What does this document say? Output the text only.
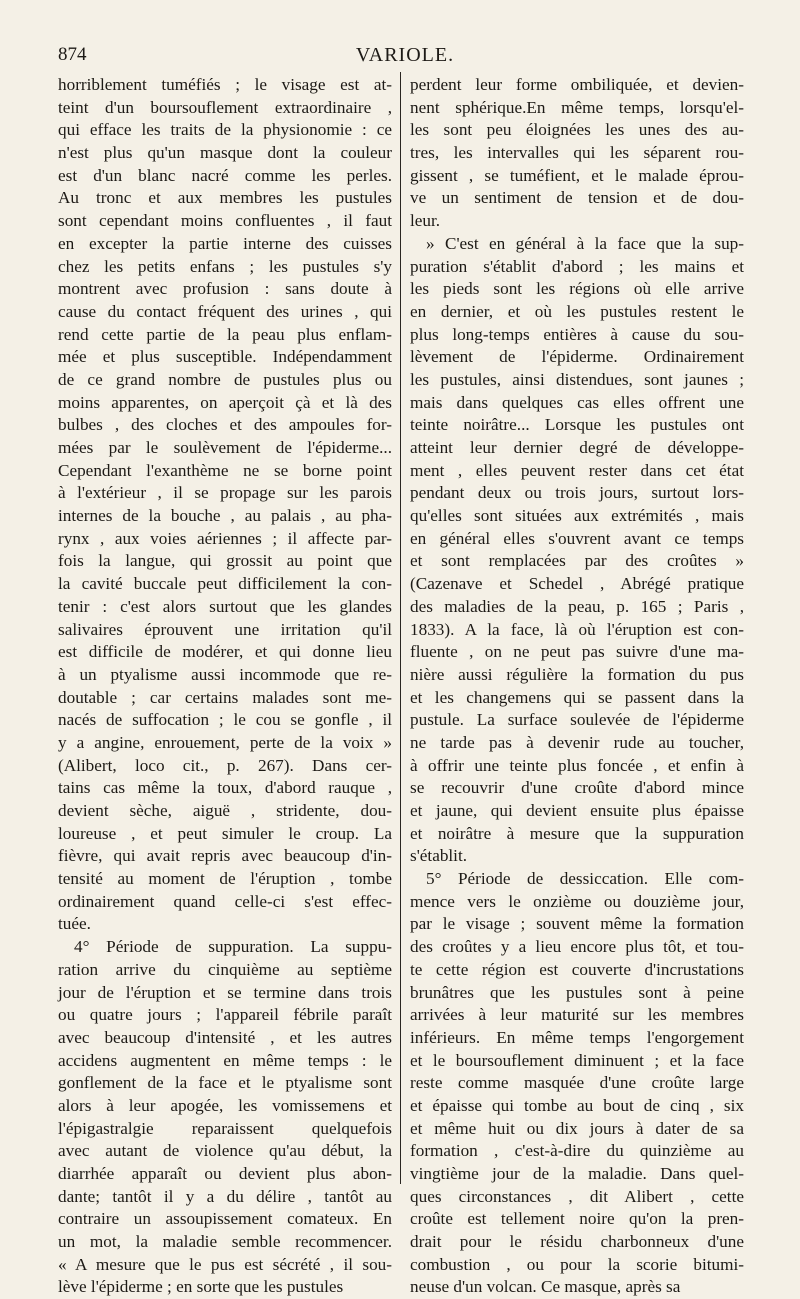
874	VARIOLE.
horriblement tuméfiés ; le visage est at-
teint d'un boursouflement extraordinaire ,
qui efface les traits de la physionomie : ce
n'est plus qu'un masque dont la couleur
est d'un blanc nacré comme les perles.
Au tronc et aux membres les pustules
sont cependant moins confluentes , il faut
en excepter la partie interne des cuisses
chez les petits enfans ; les pustules s'y
montrent avec profusion : sans doute à
cause du contact fréquent des urines , qui
rend cette partie de la peau plus enflam-
mée et plus susceptible. Indépendamment
de ce grand nombre de pustules plus ou
moins apparentes, on aperçoit çà et là des
bulbes , des cloches et des ampoules for-
mées par le soulèvement de l'épiderme...
Cependant l'exanthème ne se borne point
à l'extérieur , il se propage sur les parois
internes de la bouche , au palais , au pha-
rynx , aux voies aériennes ; il affecte par-
fois la langue, qui grossit au point que
la cavité buccale peut difficilement la con-
tenir : c'est alors surtout que les glandes
salivaires éprouvent une irritation qu'il
est difficile de modérer, et qui donne lieu
à un ptyalisme aussi incommode que re-
doutable ; car certains malades sont me-
nacés de suffocation ; le cou se gonfle , il
y a angine, enrouement, perte de la voix »
(Alibert, loco cit., p. 267). Dans cer-
tains cas même la toux, d'abord rauque ,
devient sèche, aiguë , stridente, dou-
loureuse , et peut simuler le croup. La
fièvre, qui avait repris avec beaucoup d'in-
tensité au moment de l'éruption , tombe
ordinairement quand celle-ci s'est effec-
tuée.
4° Période de suppuration. La suppu-
ration arrive du cinquième au septième
jour de l'éruption et se termine dans trois
ou quatre jours ; l'appareil fébrile paraît
avec beaucoup d'intensité , et les autres
accidens augmentent en même temps : le
gonflement de la face et le ptyalisme sont
alors à leur apogée, les vomissemens et
l'épigastralgie reparaissent quelquefois
avec autant de violence qu'au début, la
diarrhée apparaît ou devient plus abon-
dante; tantôt il y a du délire , tantôt au
contraire un assoupissement comateux. En
un mot, la maladie semble recommencer.
« A mesure que le pus est sécrété , il sou-
lève l'épiderme ; en sorte que les pustules
perdent leur forme ombiliquée, et devien-
nent sphérique.En même temps, lorsqu'el-
les sont peu éloignées les unes des au-
tres, les intervalles qui les séparent rou-
gissent , se tuméfient, et le malade éprou-
ve un sentiment de tension et de dou-
leur.
» C'est en général à la face que la sup-
puration s'établit d'abord ; les mains et
les pieds sont les régions où elle arrive
en dernier, et où les pustules restent le
plus long-temps entières à cause du sou-
lèvement de l'épiderme. Ordinairement
les pustules, ainsi distendues, sont jaunes ;
mais dans quelques cas elles offrent une
teinte noirâtre... Lorsque les pustules ont
atteint leur dernier degré de développe-
ment , elles peuvent rester dans cet état
pendant deux ou trois jours, surtout lors-
qu'elles sont situées aux extrémités , mais
en général elles s'ouvrent avant ce temps
et sont remplacées par des croûtes »
(Cazenave et Schedel , Abrégé pratique
des maladies de la peau, p. 165 ; Paris ,
1833). A la face, là où l'éruption est con-
fluente , on ne peut pas suivre d'une ma-
nière aussi régulière la formation du pus
et les changemens qui se passent dans la
pustule. La surface soulevée de l'épiderme
ne tarde pas à devenir rude au toucher,
à offrir une teinte plus foncée , et enfin à
se recouvrir d'une croûte d'abord mince
et jaune, qui devient ensuite plus épaisse
et noirâtre à mesure que la suppuration
s'établit.
5° Période de dessiccation. Elle com-
mence vers le onzième ou douzième jour,
par le visage ; souvent même la formation
des croûtes y a lieu encore plus tôt, et tou-
te cette région est couverte d'incrustations
brunâtres que les pustules sont à peine
arrivées à leur maturité sur les membres
inférieurs. En même temps l'engorgement
et le boursouflement diminuent ; et la face
reste comme masquée d'une croûte large
et épaisse qui tombe au bout de cinq , six
et même huit ou dix jours à dater de sa
formation , c'est-à-dire du quinzième au
vingtième jour de la maladie. Dans quel-
ques circonstances , dit Alibert , cette
croûte est tellement noire qu'on la pren-
drait pour le résidu charbonneux d'une
combustion , ou pour la scorie bitumi-
neuse d'un volcan. Ce masque, après sa
